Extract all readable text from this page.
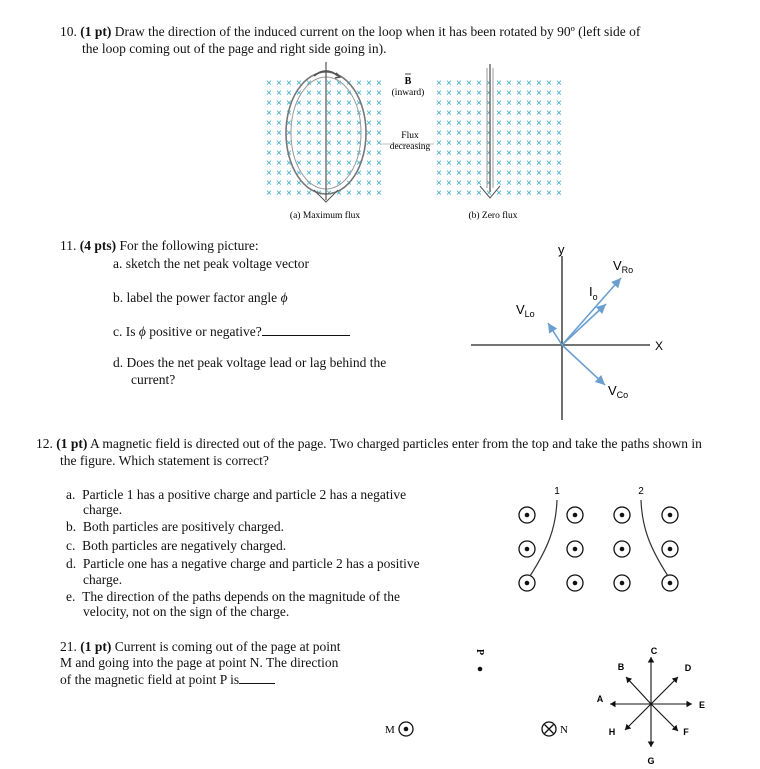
10. (1 pt) Draw the direction of the induced current on the loop when it has been rotated by 90º (left side of
the loop coming out of the page and right side going in).
× × × × × × × × × × × ×
× × × × × × × × × × × ×
× × × × × × × × × × × ×
× × × × × × × × × × × ×
× × × × × × × × × × × ×
× × × × × × × × × × × ×
× × × × × × × × × × × ×
× × × × × × × × × × × ×
× × × × × × × × × × × ×
× × × × × × × × × × × ×
× × × × × × × × × × × ×
× × × × × × × × × × × ×
× × × × × × × × × × × × ×
× × × × × × × × × × × × ×
× × × × × × × × × × × × ×
× × × × × × × × × × × × ×
× × × × × × × × × × × × ×
× × × × × × × × × × × × ×
× × × × × × × × × × × × ×
× × × × × × × × × × × × ×
× × × × × × × × × × × × ×
× × × × × × × × × × × × ×
× × × × × × × × × × × × ×
× × × × × × × × × × × × ×
B
(inward)
Flux
decreasing
(a) Maximum flux	(b) Zero flux
11. (4 pts) For the following picture:
a. sketch the net peak voltage vector
b. label the power factor angle ϕ
c. Is ϕ positive or negative?
d. Does the net peak voltage lead or lag behind the
current?
y
X
$V_{Ro}$
$I_o$
$V_{Lo}$
$V_{Co}$
12. (1 pt) A magnetic field is directed out of the page. Two charged particles enter from the top and take the paths shown in
the figure. Which statement is correct?
a. Particle 1 has a positive charge and particle 2 has a negative
charge.
b. Both particles are positively charged.
c. Both particles are negatively charged.
d. Particle one has a negative charge and particle 2 has a positive
charge.
e. The direction of the paths depends on the magnitude of the
velocity, not on the sign of the charge.
1	2
21. (1 pt) Current is coming out of the page at point
M and going into the page at point N. The direction
of the magnetic field at point P is
P
M	N
A
B
C
D
E
F
G
H
